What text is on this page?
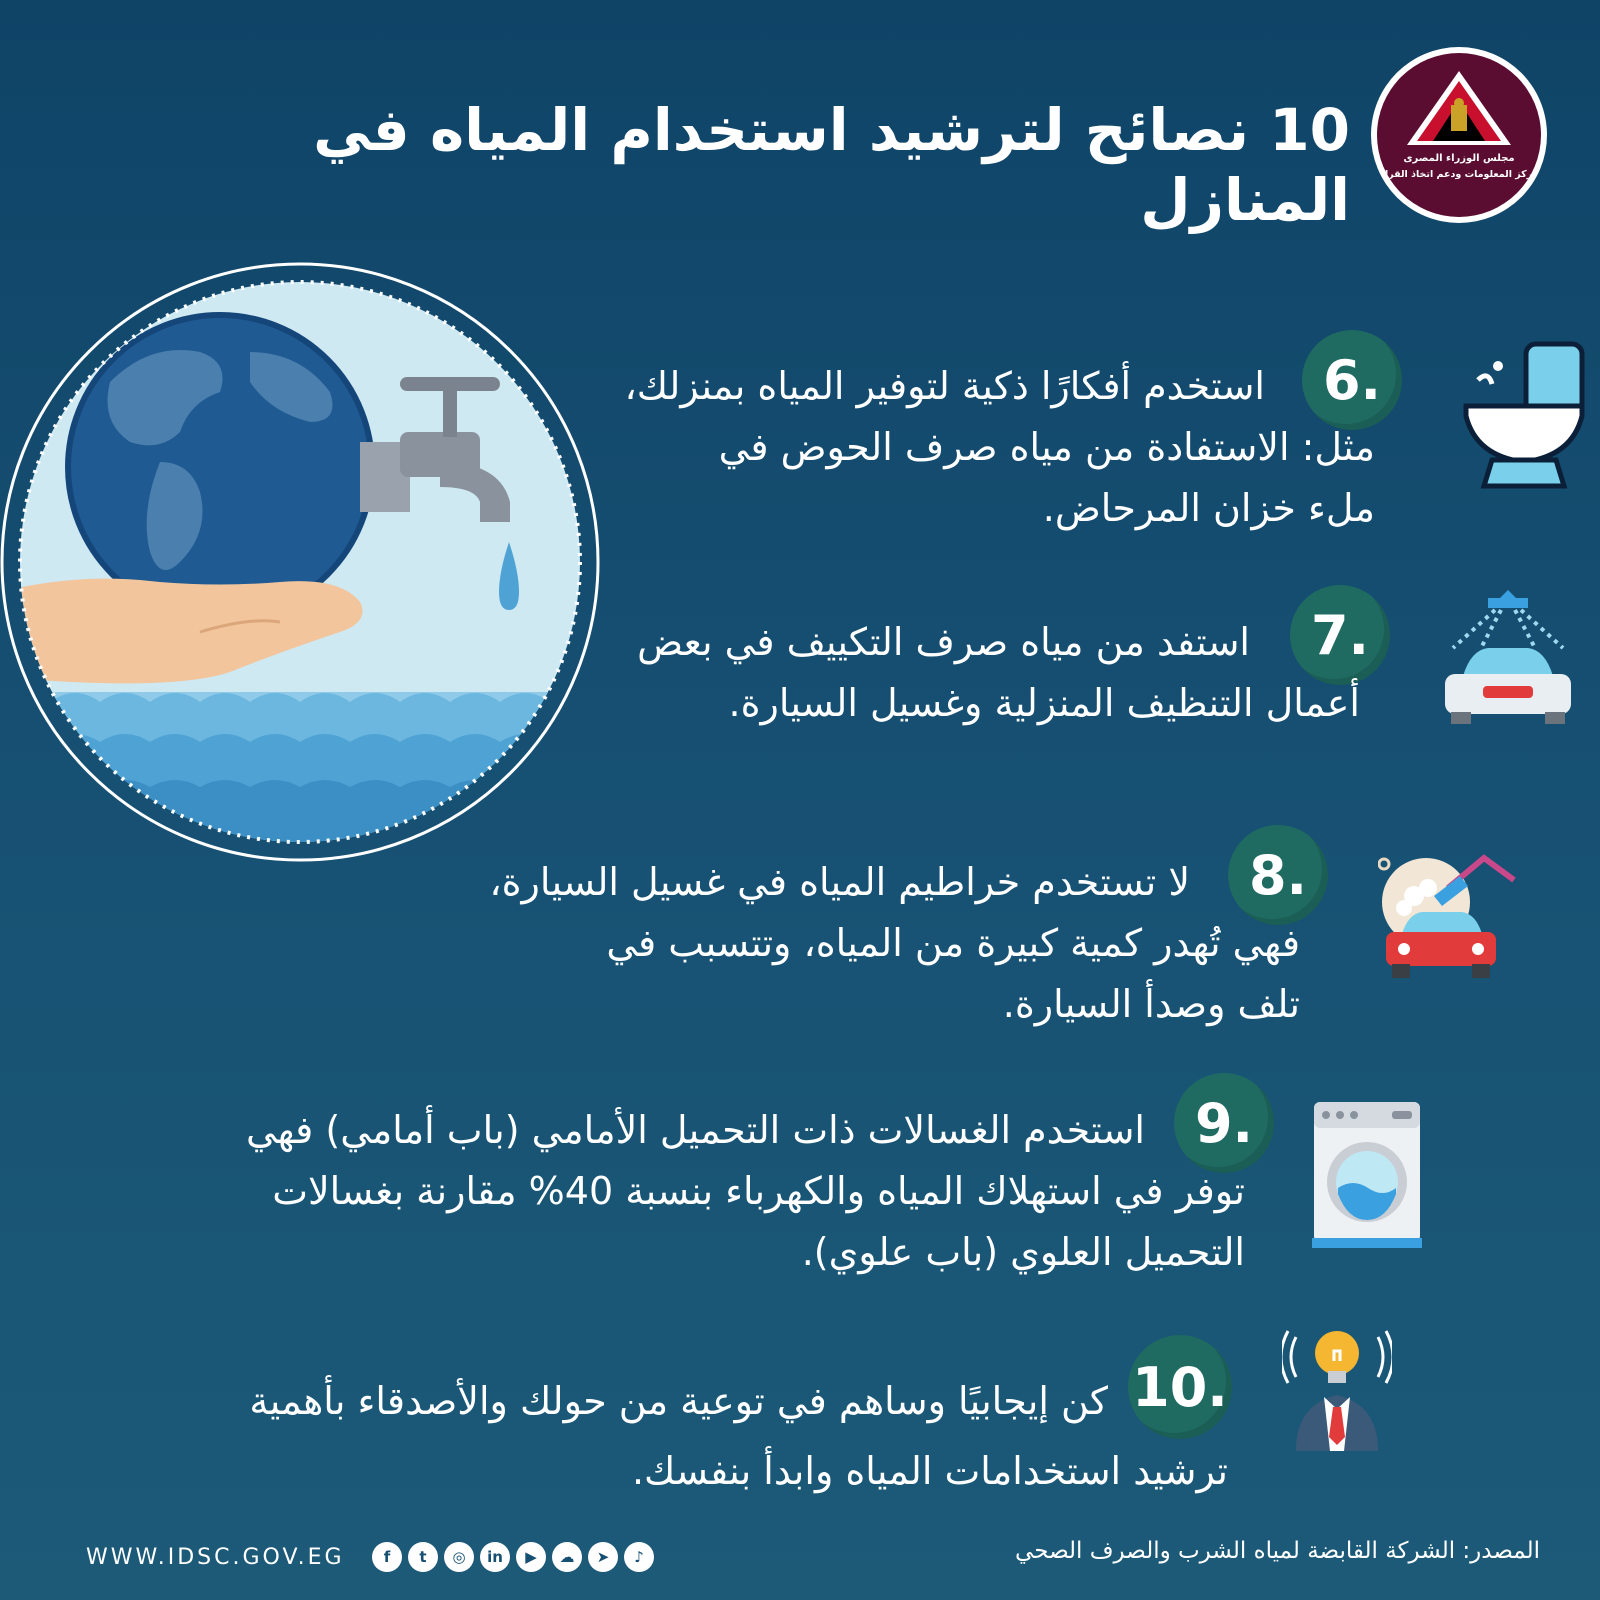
10 نصائح لترشيد استخدام المياه في المنازل
مجلس الوزراء المصرى
مركز المعلومات ودعم اتخاذ القرار
6.

استخدم أفكارًا ذكية لتوفير المياه بمنزلك،
مثل: الاستفادة من مياه صرف الحوض في
ملء خزان المرحاض.

7.

استفد من مياه صرف التكييف في بعض
أعمال التنظيف المنزلية وغسيل السيارة.

8.

لا تستخدم خراطيم المياه في غسيل السيارة،
فهي تُهدر كمية كبيرة من المياه، وتتسبب في
تلف وصدأ السيارة.

9.

استخدم الغسالات ذات التحميل الأمامي (باب أمامي) فهي
توفر في استهلاك المياه والكهرباء بنسبة 40% مقارنة بغسالات
التحميل العلوي (باب علوي).

10.

كن إيجابيًا وساهم في توعية من حولك والأصدقاء بأهمية
ترشيد استخدامات المياه وابدأ بنفسك.

WWW.IDSC.GOV.EG	f	t	◎	in	▶	☁	➤	♪	المصدر: الشركة القابضة لمياه الشرب والصرف الصحي
